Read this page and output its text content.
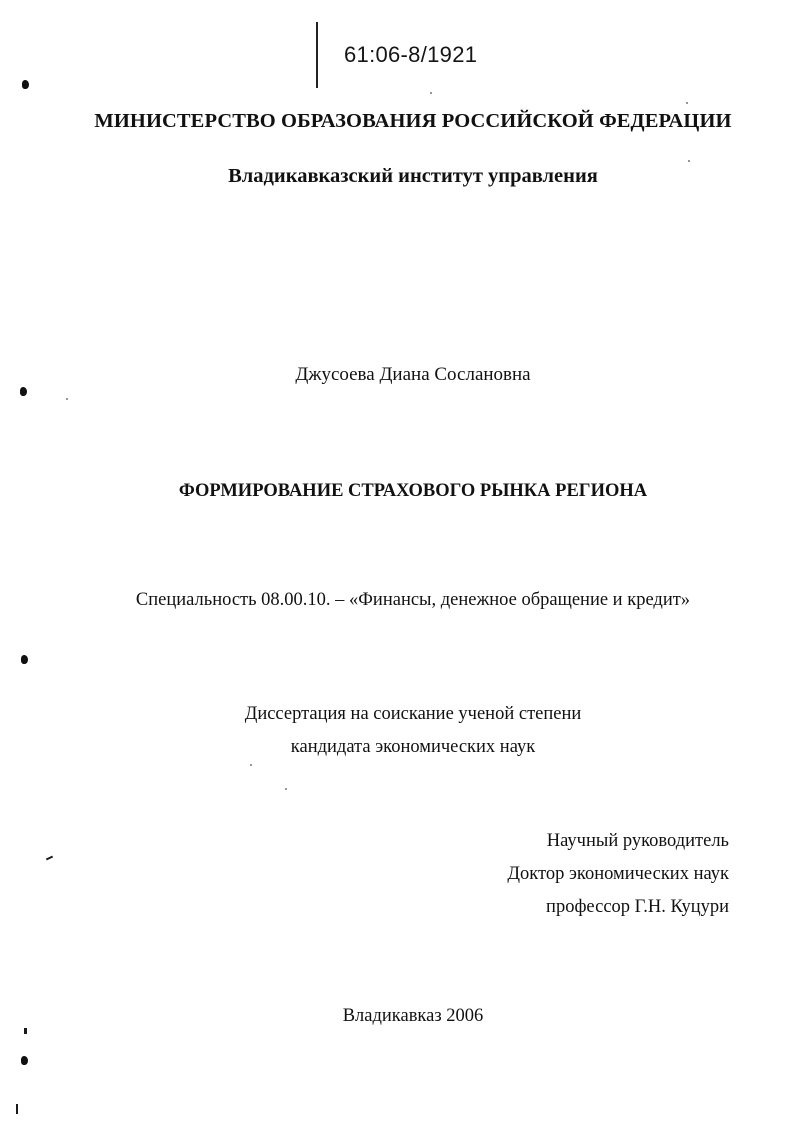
61:06-8/1921
МИНИСТЕРСТВО ОБРАЗОВАНИЯ РОССИЙСКОЙ ФЕДЕРАЦИИ
Владикавказский институт управления
Джусоева Диана Сослановна
ФОРМИРОВАНИЕ СТРАХОВОГО РЫНКА РЕГИОНА
Специальность 08.00.10. – «Финансы, денежное обращение и кредит»
Диссертация на соискание ученой степени
кандидата экономических наук
Научный руководитель
Доктор экономических наук
профессор Г.Н. Куцури
Владикавказ 2006
